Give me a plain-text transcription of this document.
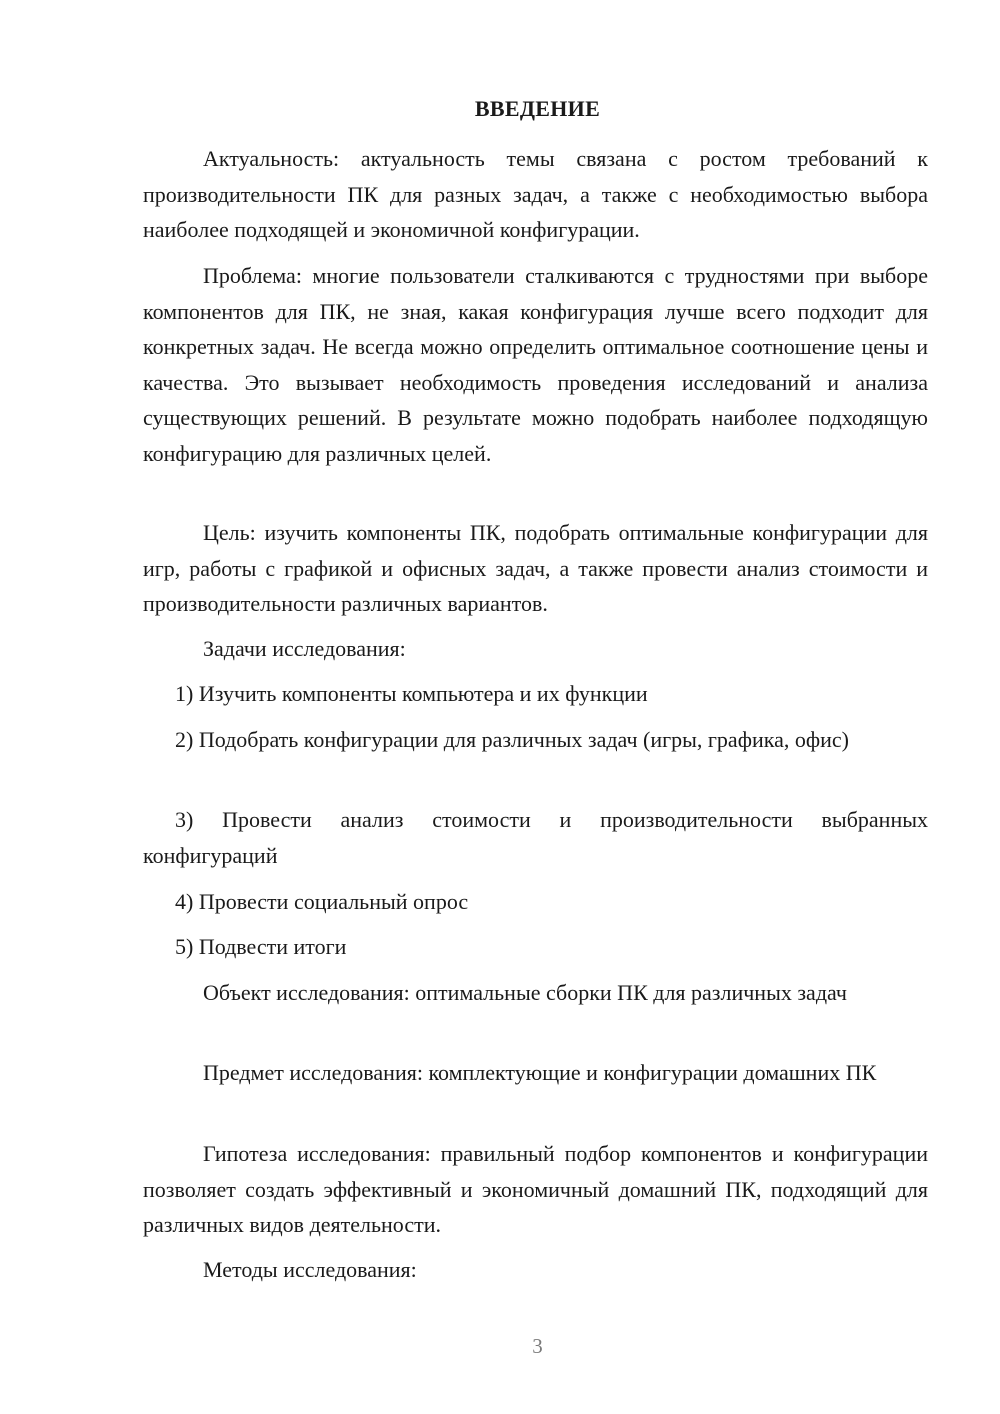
ВВЕДЕНИЕ

Актуальность: актуальность темы связана с ростом требований к производительности ПК для разных задач, а также с необходимостью выбора наиболее подходящей и экономичной конфигурации.

Проблема: многие пользователи сталкиваются с трудностями при выборе компонентов для ПК, не зная, какая конфигурация лучше всего подходит для конкретных задач. Не всегда можно определить оптимальное соотношение цены и качества. Это вызывает необходимость проведения исследований и анализа существующих решений. В результате можно подобрать наиболее подходящую конфигурацию для различных целей.

Цель: изучить компоненты ПК, подобрать оптимальные конфигурации для игр, работы с графикой и офисных задач, а также провести анализ стоимости и производительности различных вариантов.

Задачи исследования:

1) Изучить компоненты компьютера и их функции

2) Подобрать конфигурации для различных задач (игры, графика, офис)

3) Провести анализ стоимости и производительности выбранных конфигураций

4) Провести социальный опрос

5) Подвести итоги

Объект исследования: оптимальные сборки ПК для различных задач

Предмет исследования: комплектующие и конфигурации домашних ПК

Гипотеза исследования: правильный подбор компонентов и конфигурации позволяет создать эффективный и экономичный домашний ПК, подходящий для различных видов деятельности.

Методы исследования:

3
